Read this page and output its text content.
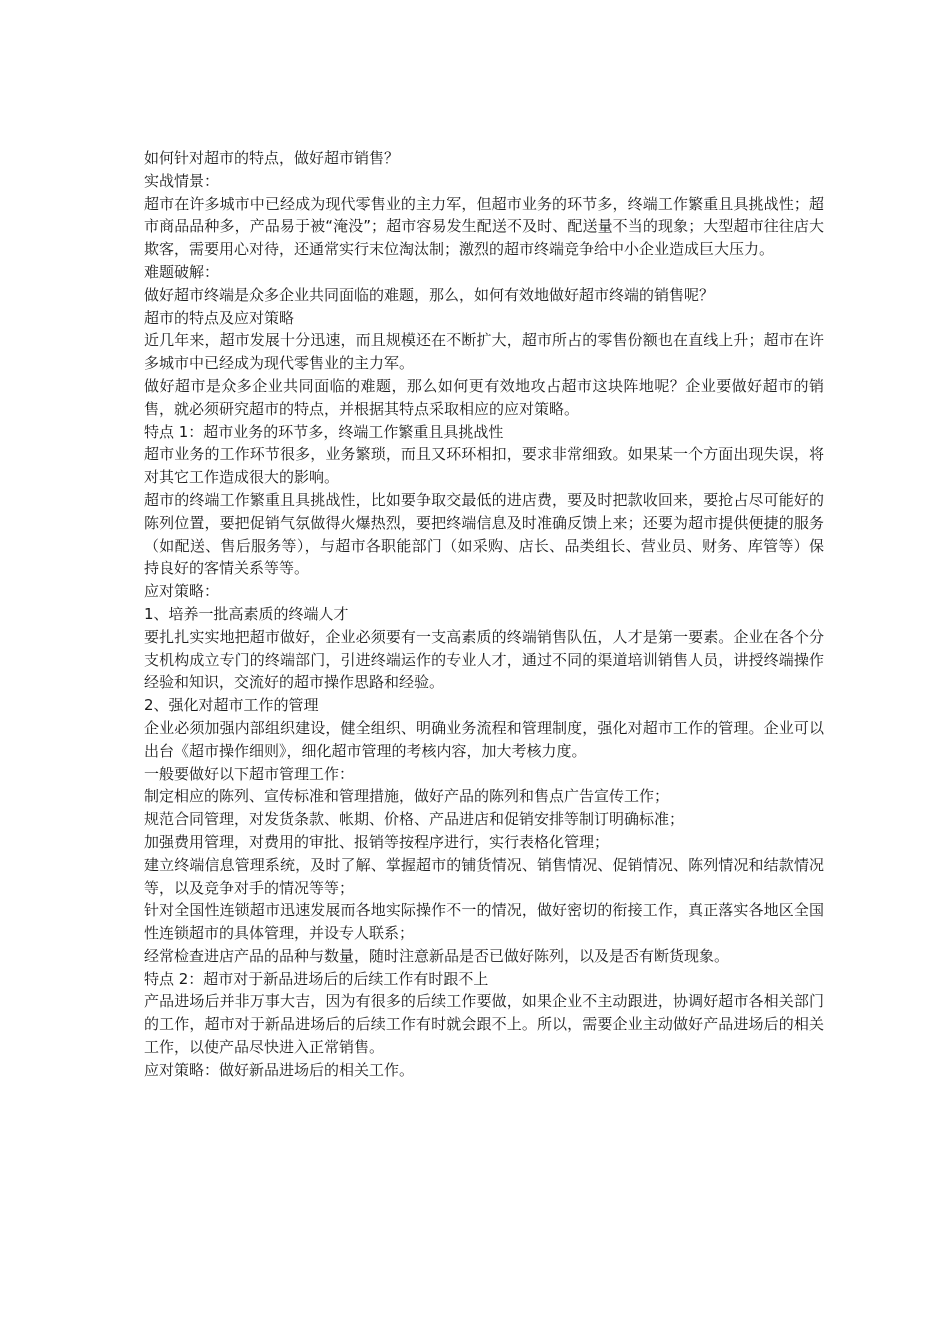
如何针对超市的特点，做好超市销售？

实战情景：

超市在许多城市中已经成为现代零售业的主力军，但超市业务的环节多，终端工作繁重且具挑战性；超市商品品种多，产品易于被“淹没”；超市容易发生配送不及时、配送量不当的现象；大型超市往往店大欺客，需要用心对待，还通常实行末位淘汰制；激烈的超市终端竞争给中小企业造成巨大压力。

难题破解：

做好超市终端是众多企业共同面临的难题，那么，如何有效地做好超市终端的销售呢？

超市的特点及应对策略

近几年来，超市发展十分迅速，而且规模还在不断扩大，超市所占的零售份额也在直线上升；超市在许多城市中已经成为现代零售业的主力军。

做好超市是众多企业共同面临的难题，那么如何更有效地攻占超市这块阵地呢？企业要做好超市的销售，就必须研究超市的特点，并根据其特点采取相应的应对策略。

特点 1：超市业务的环节多，终端工作繁重且具挑战性

超市业务的工作环节很多，业务繁琐，而且又环环相扣，要求非常细致。如果某一个方面出现失误，将对其它工作造成很大的影响。

超市的终端工作繁重且具挑战性，比如要争取交最低的进店费，要及时把款收回来，要抢占尽可能好的陈列位置，要把促销气氛做得火爆热烈，要把终端信息及时准确反馈上来；还要为超市提供便捷的服务（如配送、售后服务等），与超市各职能部门（如采购、店长、品类组长、营业员、财务、库管等）保持良好的客情关系等等。

应对策略：

1、培养一批高素质的终端人才

要扎扎实实地把超市做好，企业必须要有一支高素质的终端销售队伍，人才是第一要素。企业在各个分支机构成立专门的终端部门，引进终端运作的专业人才，通过不同的渠道培训销售人员，讲授终端操作经验和知识，交流好的超市操作思路和经验。

2、强化对超市工作的管理

企业必须加强内部组织建设，健全组织、明确业务流程和管理制度，强化对超市工作的管理。企业可以出台《超市操作细则》，细化超市管理的考核内容，加大考核力度。

一般要做好以下超市管理工作：

制定相应的陈列、宣传标准和管理措施，做好产品的陈列和售点广告宣传工作；

规范合同管理，对发货条款、帐期、价格、产品进店和促销安排等制订明确标准；

加强费用管理，对费用的审批、报销等按程序进行，实行表格化管理；

建立终端信息管理系统，及时了解、掌握超市的铺货情况、销售情况、促销情况、陈列情况和结款情况等，以及竞争对手的情况等等；

针对全国性连锁超市迅速发展而各地实际操作不一的情况，做好密切的衔接工作，真正落实各地区全国性连锁超市的具体管理，并设专人联系；

经常检查进店产品的品种与数量，随时注意新品是否已做好陈列，以及是否有断货现象。

特点 2：超市对于新品进场后的后续工作有时跟不上

产品进场后并非万事大吉，因为有很多的后续工作要做，如果企业不主动跟进，协调好超市各相关部门的工作，超市对于新品进场后的后续工作有时就会跟不上。所以，需要企业主动做好产品进场后的相关工作，以使产品尽快进入正常销售。

应对策略：做好新品进场后的相关工作。
